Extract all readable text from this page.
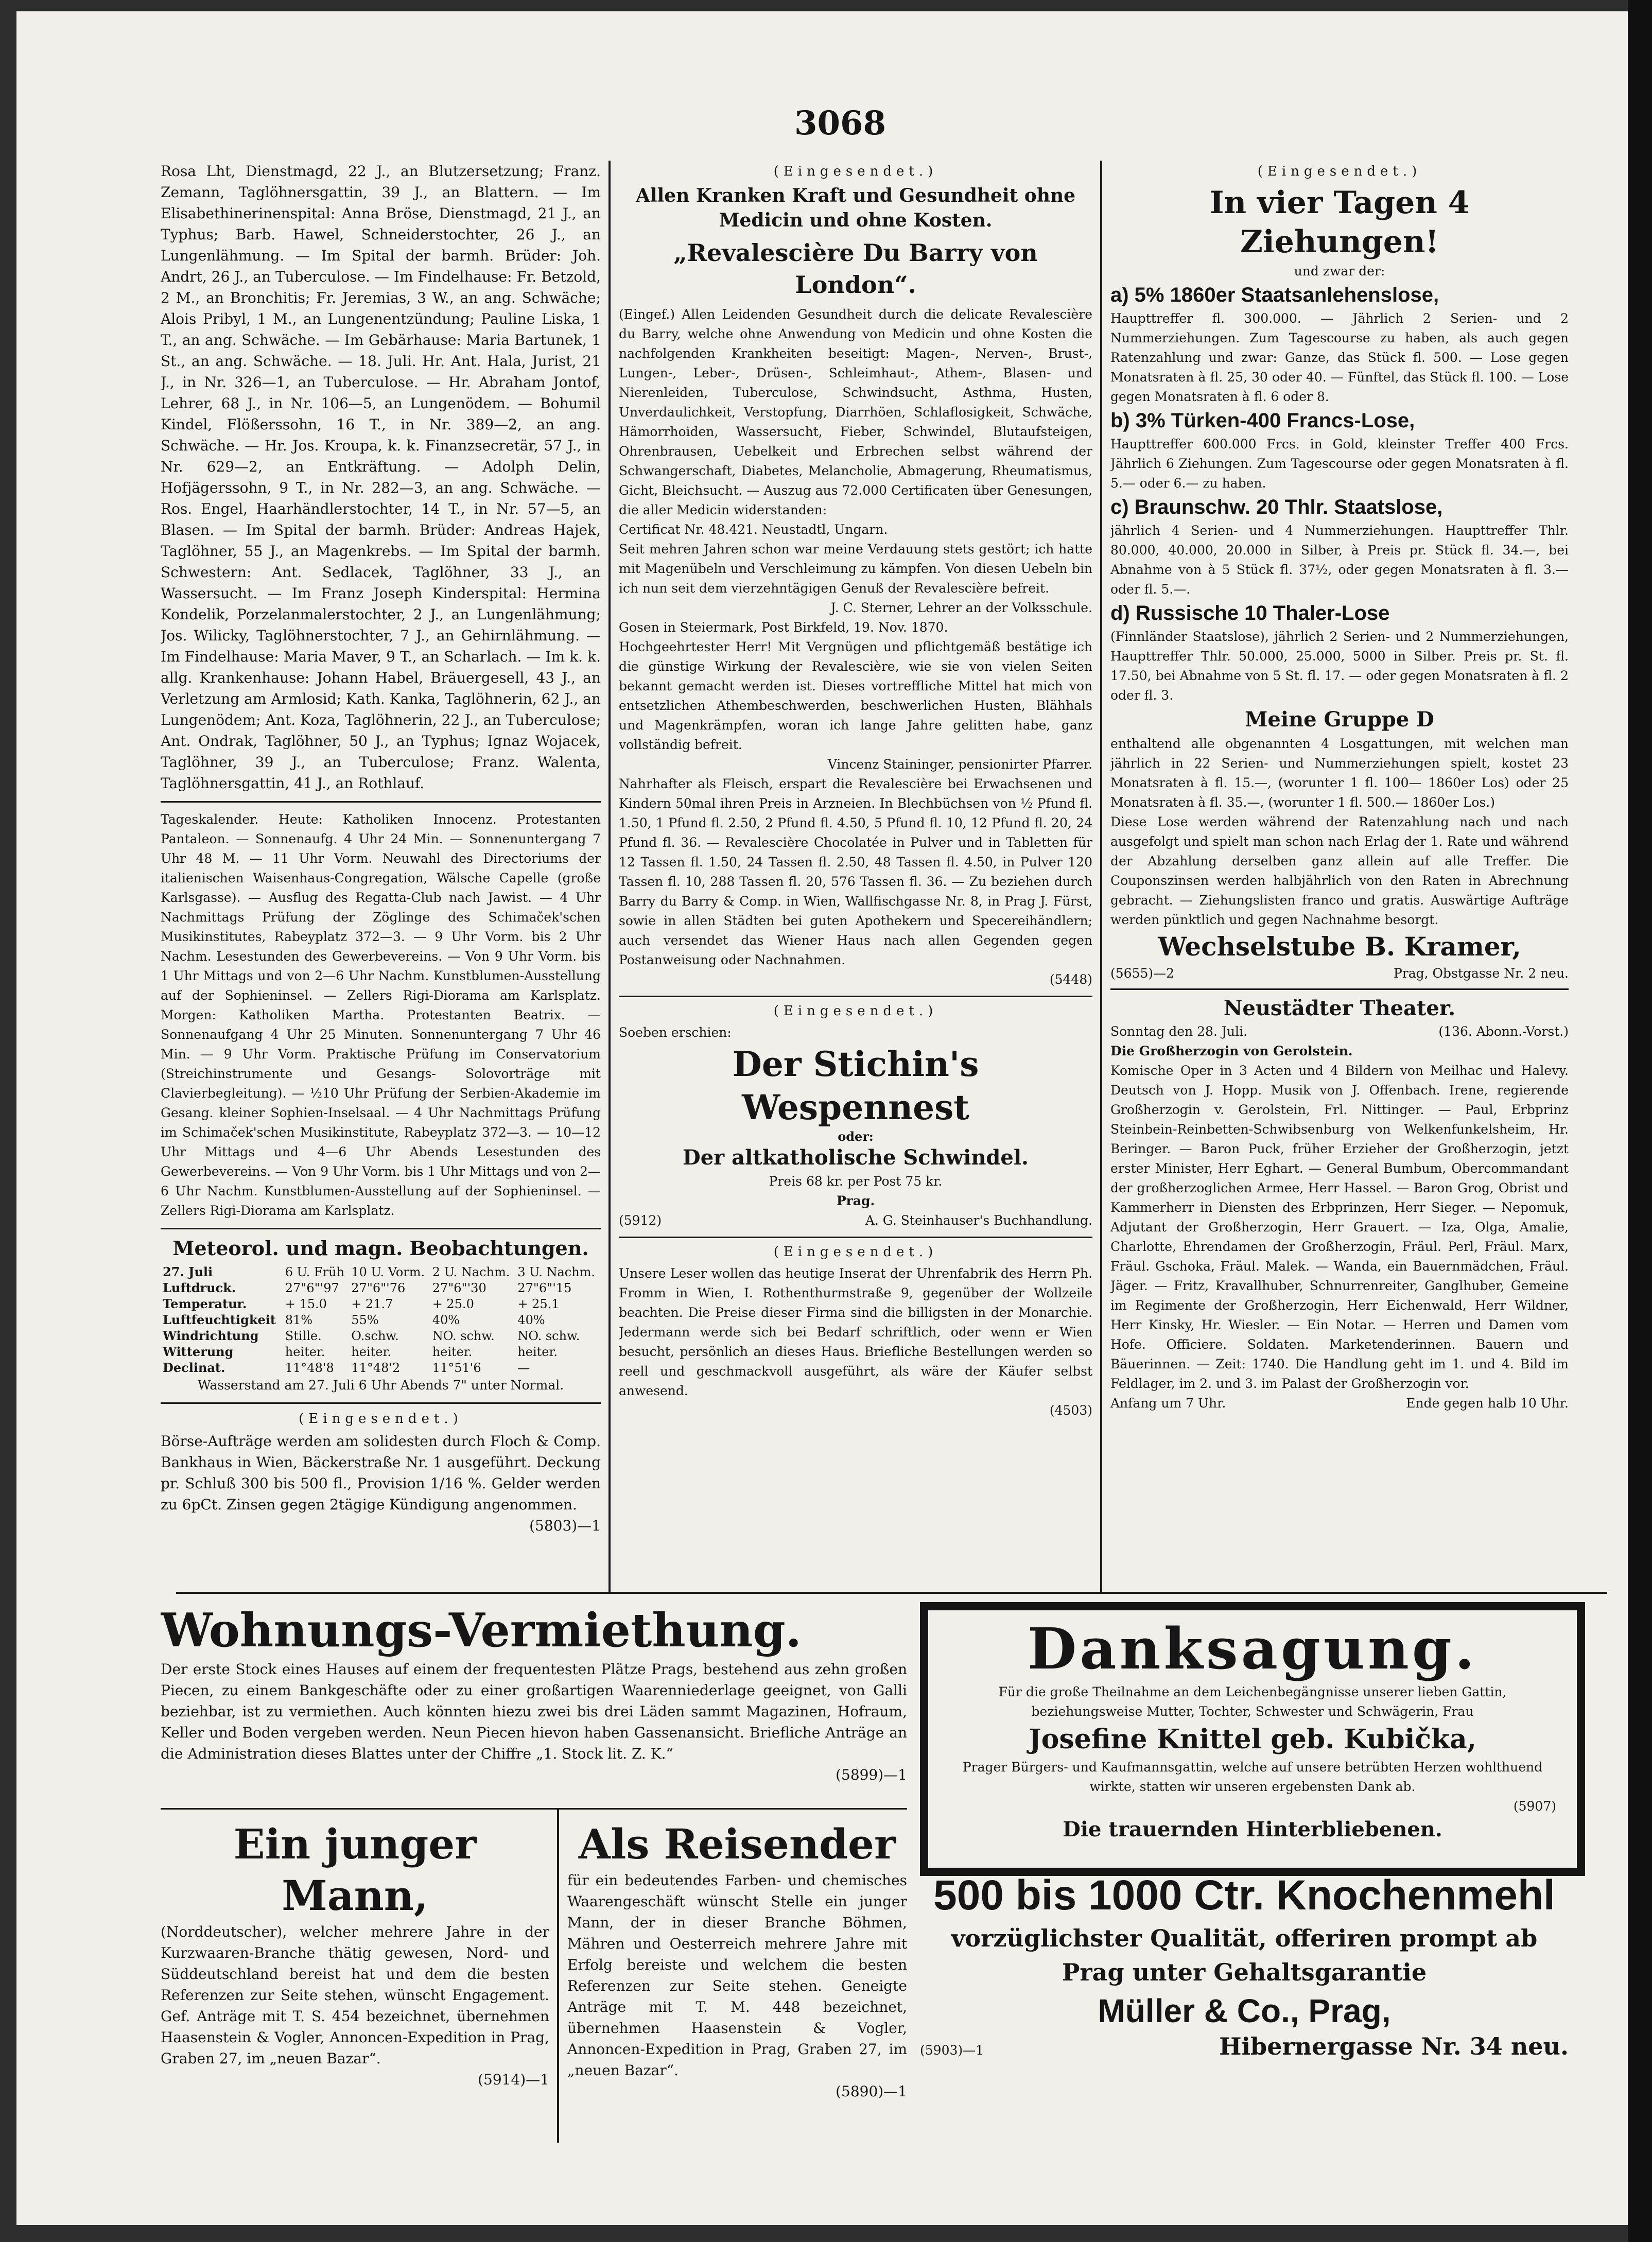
3068

Rosa Lht, Dienstmagd, 22 J., an Blutzersetzung; Franz. Zemann, Taglöhnersgattin, 39 J., an Blattern. — Im Elisabethinerinenspital: Anna Bröse, Dienstmagd, 21 J., an Typhus; Barb. Hawel, Schneiderstochter, 26 J., an Lungenlähmung. — Im Spital der barmh. Brüder: Joh. Andrt, 26 J., an Tuberculose. — Im Findelhause: Fr. Betzold, 2 M., an Bronchitis; Fr. Jeremias, 3 W., an ang. Schwäche; Alois Pribyl, 1 M., an Lungenentzündung; Pauline Liska, 1 T., an ang. Schwäche. — Im Gebärhause: Maria Bartunek, 1 St., an ang. Schwäche. — 18. Juli. Hr. Ant. Hala, Jurist, 21 J., in Nr. 326—1, an Tuberculose. — Hr. Abraham Jontof, Lehrer, 68 J., in Nr. 106—5, an Lungenödem. — Bohumil Kindel, Flößerssohn, 16 T., in Nr. 389—2, an ang. Schwäche. — Hr. Jos. Kroupa, k. k. Finanzsecretär, 57 J., in Nr. 629—2, an Entkräftung. — Adolph Delin, Hofjägerssohn, 9 T., in Nr. 282—3, an ang. Schwäche. — Ros. Engel, Haarhändlerstochter, 14 T., in Nr. 57—5, an Blasen. — Im Spital der barmh. Brüder: Andreas Hajek, Taglöhner, 55 J., an Magenkrebs. — Im Spital der barmh. Schwestern: Ant. Sedlacek, Taglöhner, 33 J., an Wassersucht. — Im Franz Joseph Kinderspital: Hermina Kondelik, Porzelanmalerstochter, 2 J., an Lungenlähmung; Jos. Wilicky, Taglöhnerstochter, 7 J., an Gehirnlähmung. — Im Findelhause: Maria Maver, 9 T., an Scharlach. — Im k. k. allg. Krankenhause: Johann Habel, Bräuergesell, 43 J., an Verletzung am Armlosid; Kath. Kanka, Taglöhnerin, 62 J., an Lungenödem; Ant. Koza, Taglöhnerin, 22 J., an Tuberculose; Ant. Ondrak, Taglöhner, 50 J., an Typhus; Ignaz Wojacek, Taglöhner, 39 J., an Tuberculose; Franz. Walenta, Taglöhnersgattin, 41 J., an Rothlauf.

Tageskalender. Heute: Katholiken Innocenz. Protestanten Pantaleon. — Sonnenaufg. 4 Uhr 24 Min. — Sonnenuntergang 7 Uhr 48 M. — 11 Uhr Vorm. Neuwahl des Directoriums der italienischen Waisenhaus-Congregation, Wälsche Capelle (große Karlsgasse). — Ausflug des Regatta-Club nach Jawist. — 4 Uhr Nachmittags Prüfung der Zöglinge des Schimaček'schen Musikinstitutes, Rabeyplatz 372—3. — 9 Uhr Vorm. bis 2 Uhr Nachm. Lesestunden des Gewerbevereins. — Von 9 Uhr Vorm. bis 1 Uhr Mittags und von 2—6 Uhr Nachm. Kunstblumen-Ausstellung auf der Sophieninsel. — Zellers Rigi-Diorama am Karlsplatz. Morgen: Katholiken Martha. Protestanten Beatrix. — Sonnenaufgang 4 Uhr 25 Minuten. Sonnenuntergang 7 Uhr 46 Min. — 9 Uhr Vorm. Praktische Prüfung im Conservatorium (Streichinstrumente und Gesangs- Solovorträge mit Clavierbegleitung). — ½10 Uhr Prüfung der Serbien-Akademie im Gesang. kleiner Sophien-Inselsaal. — 4 Uhr Nachmittags Prüfung im Schimaček'schen Musikinstitute, Rabeyplatz 372—3. — 10—12 Uhr Mittags und 4—6 Uhr Abends Lesestunden des Gewerbevereins. — Von 9 Uhr Vorm. bis 1 Uhr Mittags und von 2—6 Uhr Nachm. Kunstblumen-Ausstellung auf der Sophieninsel. — Zellers Rigi-Diorama am Karlsplatz.

Meteorol. und magn. Beobachtungen.
27. Juli	6 U. Früh	10 U. Vorm.	2 U. Nachm.	3 U. Nachm.
Luftdruck.	27"6"'97	27"6"'76	27"6"'30	27"6"'15
Temperatur.	+ 15.0	+ 21.7	+ 25.0	+ 25.1
Luftfeuchtigkeit	81%	55%	40%	40%
Windrichtung	Stille.	O.schw.	NO. schw.	NO. schw.
Witterung	heiter.	heiter.	heiter.	heiter.
Declinat.	11°48'8	11°48'2	11°51'6	—
Wasserstand am 27. Juli 6 Uhr Abends 7" unter Normal.
(Eingesendet.)

Börse-Aufträge werden am solidesten durch Floch & Comp. Bankhaus in Wien, Bäckerstraße Nr. 1 ausgeführt. Deckung pr. Schluß 300 bis 500 fl., Provision 1/16 %. Gelder werden zu 6pCt. Zinsen gegen 2tägige Kündigung angenommen.

(5803)—1
(Eingesendet.)
Allen Kranken Kraft und Gesundheit ohne Medicin und ohne Kosten.
„Revalescière Du Barry von London“.

(Eingef.) Allen Leidenden Gesundheit durch die delicate Revalescière du Barry, welche ohne Anwendung von Medicin und ohne Kosten die nachfolgenden Krankheiten beseitigt: Magen-, Nerven-, Brust-, Lungen-, Leber-, Drüsen-, Schleimhaut-, Athem-, Blasen- und Nierenleiden, Tuberculose, Schwindsucht, Asthma, Husten, Unverdaulichkeit, Verstopfung, Diarrhöen, Schlaflosigkeit, Schwäche, Hämorrhoiden, Wassersucht, Fieber, Schwindel, Blutaufsteigen, Ohrenbrausen, Uebelkeit und Erbrechen selbst während der Schwangerschaft, Diabetes, Melancholie, Abmagerung, Rheumatismus, Gicht, Bleichsucht. — Auszug aus 72.000 Certificaten über Genesungen, die aller Medicin widerstanden:

Certificat Nr. 48.421. Neustadtl, Ungarn.

Seit mehren Jahren schon war meine Verdauung stets gestört; ich hatte mit Magenübeln und Verschleimung zu kämpfen. Von diesen Uebeln bin ich nun seit dem vierzehntägigen Genuß der Revalescière befreit.

J. C. Sterner, Lehrer an der Volksschule.
Gosen in Steiermark, Post Birkfeld, 19. Nov. 1870.

Hochgeehrtester Herr! Mit Vergnügen und pflichtgemäß bestätige ich die günstige Wirkung der Revalescière, wie sie von vielen Seiten bekannt gemacht werden ist. Dieses vortreffliche Mittel hat mich von entsetzlichen Athembeschwerden, beschwerlichen Husten, Blähhals und Magenkrämpfen, woran ich lange Jahre gelitten habe, ganz vollständig befreit.

Vincenz Staininger, pensionirter Pfarrer.

Nahrhafter als Fleisch, erspart die Revalescière bei Erwachsenen und Kindern 50mal ihren Preis in Arzneien. In Blechbüchsen von ½ Pfund fl. 1.50, 1 Pfund fl. 2.50, 2 Pfund fl. 4.50, 5 Pfund fl. 10, 12 Pfund fl. 20, 24 Pfund fl. 36. — Revalescière Chocolatée in Pulver und in Tabletten für 12 Tassen fl. 1.50, 24 Tassen fl. 2.50, 48 Tassen fl. 4.50, in Pulver 120 Tassen fl. 10, 288 Tassen fl. 20, 576 Tassen fl. 36. — Zu beziehen durch Barry du Barry & Comp. in Wien, Wallfischgasse Nr. 8, in Prag J. Fürst, sowie in allen Städten bei guten Apothekern und Specereihändlern; auch versendet das Wiener Haus nach allen Gegenden gegen Postanweisung oder Nachnahmen.

(5448)
(Eingesendet.)
Soeben erschien:
Der Stichin's Wespennest
oder:
Der altkatholische Schwindel.
Preis 68 kr. per Post 75 kr.
Prag.
(5912)	A. G. Steinhauser's Buchhandlung.
(Eingesendet.)

Unsere Leser wollen das heutige Inserat der Uhrenfabrik des Herrn Ph. Fromm in Wien, I. Rothenthurmstraße 9, gegenüber der Wollzeile beachten. Die Preise dieser Firma sind die billigsten in der Monarchie. Jedermann werde sich bei Bedarf schriftlich, oder wenn er Wien besucht, persönlich an dieses Haus. Brieflichе Bestellungen werden so reell und geschmackvoll ausgeführt, als wäre der Käufer selbst anwesend.

(4503)
(Eingesendet.)
In vier Tagen 4 Ziehungen!
und zwar der:
a) 5% 1860er Staatsanlehenslose,

Haupttreffer fl. 300.000. — Jährlich 2 Serien- und 2 Nummerziehungen. Zum Tagescourse zu haben, als auch gegen Ratenzahlung und zwar: Ganze, das Stück fl. 500. — Lose gegen Monatsraten à fl. 25, 30 oder 40. — Fünftel, das Stück fl. 100. — Lose gegen Monatsraten à fl. 6 oder 8.

b) 3% Türken-400 Francs-Lose,

Haupttreffer 600.000 Frcs. in Gold, kleinster Treffer 400 Frcs. Jährlich 6 Ziehungen. Zum Tagescourse oder gegen Monatsraten à fl. 5.— oder 6.— zu haben.

c) Braunschw. 20 Thlr. Staatslose,

jährlich 4 Serien- und 4 Nummerziehungen. Haupttreffer Thlr. 80.000, 40.000, 20.000 in Silber, à Preis pr. Stück fl. 34.—, bei Abnahme von à 5 Stück fl. 37½, oder gegen Monatsraten à fl. 3.— oder fl. 5.—.

d) Russische 10 Thaler-Lose

(Finnländer Staatslose), jährlich 2 Serien- und 2 Nummerziehungen, Haupttreffer Thlr. 50.000, 25.000, 5000 in Silber. Preis pr. St. fl. 17.50, bei Abnahme von 5 St. fl. 17. — oder gegen Monatsraten à fl. 2 oder fl. 3.

Meine Gruppe D

enthaltend alle obgenannten 4 Losgattungen, mit welchen man jährlich in 22 Serien- und Nummerziehungen spielt, kostet 23 Monatsraten à fl. 15.—, (worunter 1 fl. 100— 1860er Los) oder 25 Monatsraten à fl. 35.—, (worunter 1 fl. 500.— 1860er Los.)

Diese Lose werden während der Ratenzahlung nach und nach ausgefolgt und spielt man schon nach Erlag der 1. Rate und während der Abzahlung derselben ganz allein auf alle Treffer. Die Couponszinsen werden halbjährlich von den Raten in Abrechnung gebracht. — Ziehungslisten franco und gratis. Auswärtige Aufträge werden pünktlich und gegen Nachnahme besorgt.

Wechselstube B. Kramer,
(5655)—2	Prag, Obstgasse Nr. 2 neu.
Neustädter Theater.
Sonntag den 28. Juli.	(136. Abonn.-Vorst.)
Die Großherzogin von Gerolstein.

Komische Oper in 3 Acten und 4 Bildern von Meilhac und Halevy. Deutsch von J. Hopp. Musik von J. Offenbach. Irene, regierende Großherzogin v. Gerolstein, Frl. Nittinger. — Paul, Erbprinz Steinbein-Reinbetten-Schwibsenburg von Welkenfunkelsheim, Hr. Beringer. — Baron Puck, früher Erzieher der Großherzogin, jetzt erster Minister, Herr Eghart. — General Bumbum, Obercommandant der großherzoglichen Armee, Herr Hassel. — Baron Grog, Obrist und Kammerherr in Diensten des Erbprinzen, Herr Sieger. — Nepomuk, Adjutant der Großherzogin, Herr Grauert. — Iza, Olga, Amalie, Charlotte, Ehrendamen der Großherzogin, Fräul. Perl, Fräul. Marx, Fräul. Gschoka, Fräul. Malek. — Wanda, ein Bauernmädchen, Fräul. Jäger. — Fritz, Kravallhuber, Schnurrenreiter, Ganglhuber, Gemeine im Regimente der Großherzogin, Herr Eichenwald, Herr Wildner, Herr Kinsky, Hr. Wiesler. — Ein Notar. — Herren und Damen vom Hofe. Officiere. Soldaten. Marketenderinnen. Bauern und Bäuerinnen. — Zeit: 1740. Die Handlung geht im 1. und 4. Bild im Feldlager, im 2. und 3. im Palast der Großherzogin vor.

Anfang um 7 Uhr.	Ende gegen halb 10 Uhr.
Wohnungs-Vermiethung.

Der erste Stock eines Hauses auf einem der frequentesten Plätze Prags, bestehend aus zehn großen Piecen, zu einem Bankgeschäfte oder zu einer großartigen Waarenniederlage geeignet, von Galli beziehbar, ist zu vermiethen. Auch könnten hiezu zwei bis drei Läden sammt Magazinen, Hofraum, Keller und Boden vergeben werden. Neun Piecen hievon haben Gassenansicht. Briefliche Anträge an die Administration dieses Blattes unter der Chiffre „1. Stock lit. Z. K.“

(5899)—1
Ein junger Mann,

(Norddeutscher), welcher mehrere Jahre in der Kurzwaaren-Branche thätig gewesen, Nord- und Süddeutschland bereist hat und dem die besten Referenzen zur Seite stehen, wünscht Engagement. Gef. Anträge mit T. S. 454 bezeichnet, übernehmen Haasenstein & Vogler, Annoncen-Expedition in Prag, Graben 27, im „neuen Bazar“.

(5914)—1
Als Reisender

für ein bedeutendes Farben- und chemisches Waarengeschäft wünscht Stelle ein junger Mann, der in dieser Branche Böhmen, Mähren und Oesterreich mehrere Jahre mit Erfolg bereiste und welchem die besten Referenzen zur Seite stehen. Geneigte Anträge mit T. M. 448 bezeichnet, übernehmen Haasenstein & Vogler, Annoncen-Expedition in Prag, Graben 27, im „neuen Bazar“.

(5890)—1
Danksagung.
Für die große Theilnahme an dem Leichenbegängnisse unserer lieben Gattin, beziehungsweise Mutter, Tochter, Schwester und Schwägerin, Frau
Josefine Knittel geb. Kubička,
Prager Bürgers- und Kaufmannsgattin, welche auf unsere betrübten Herzen wohlthuend wirkte, statten wir unseren ergebensten Dank ab.
(5907)
Die trauernden Hinterbliebenen.
500 bis 1000 Ctr. Knochenmehl
vorzüglichster Qualität, offeriren prompt ab Prag unter Gehaltsgarantie
Müller & Co., Prag,
(5903)—1	Hibernergasse Nr. 34 neu.
